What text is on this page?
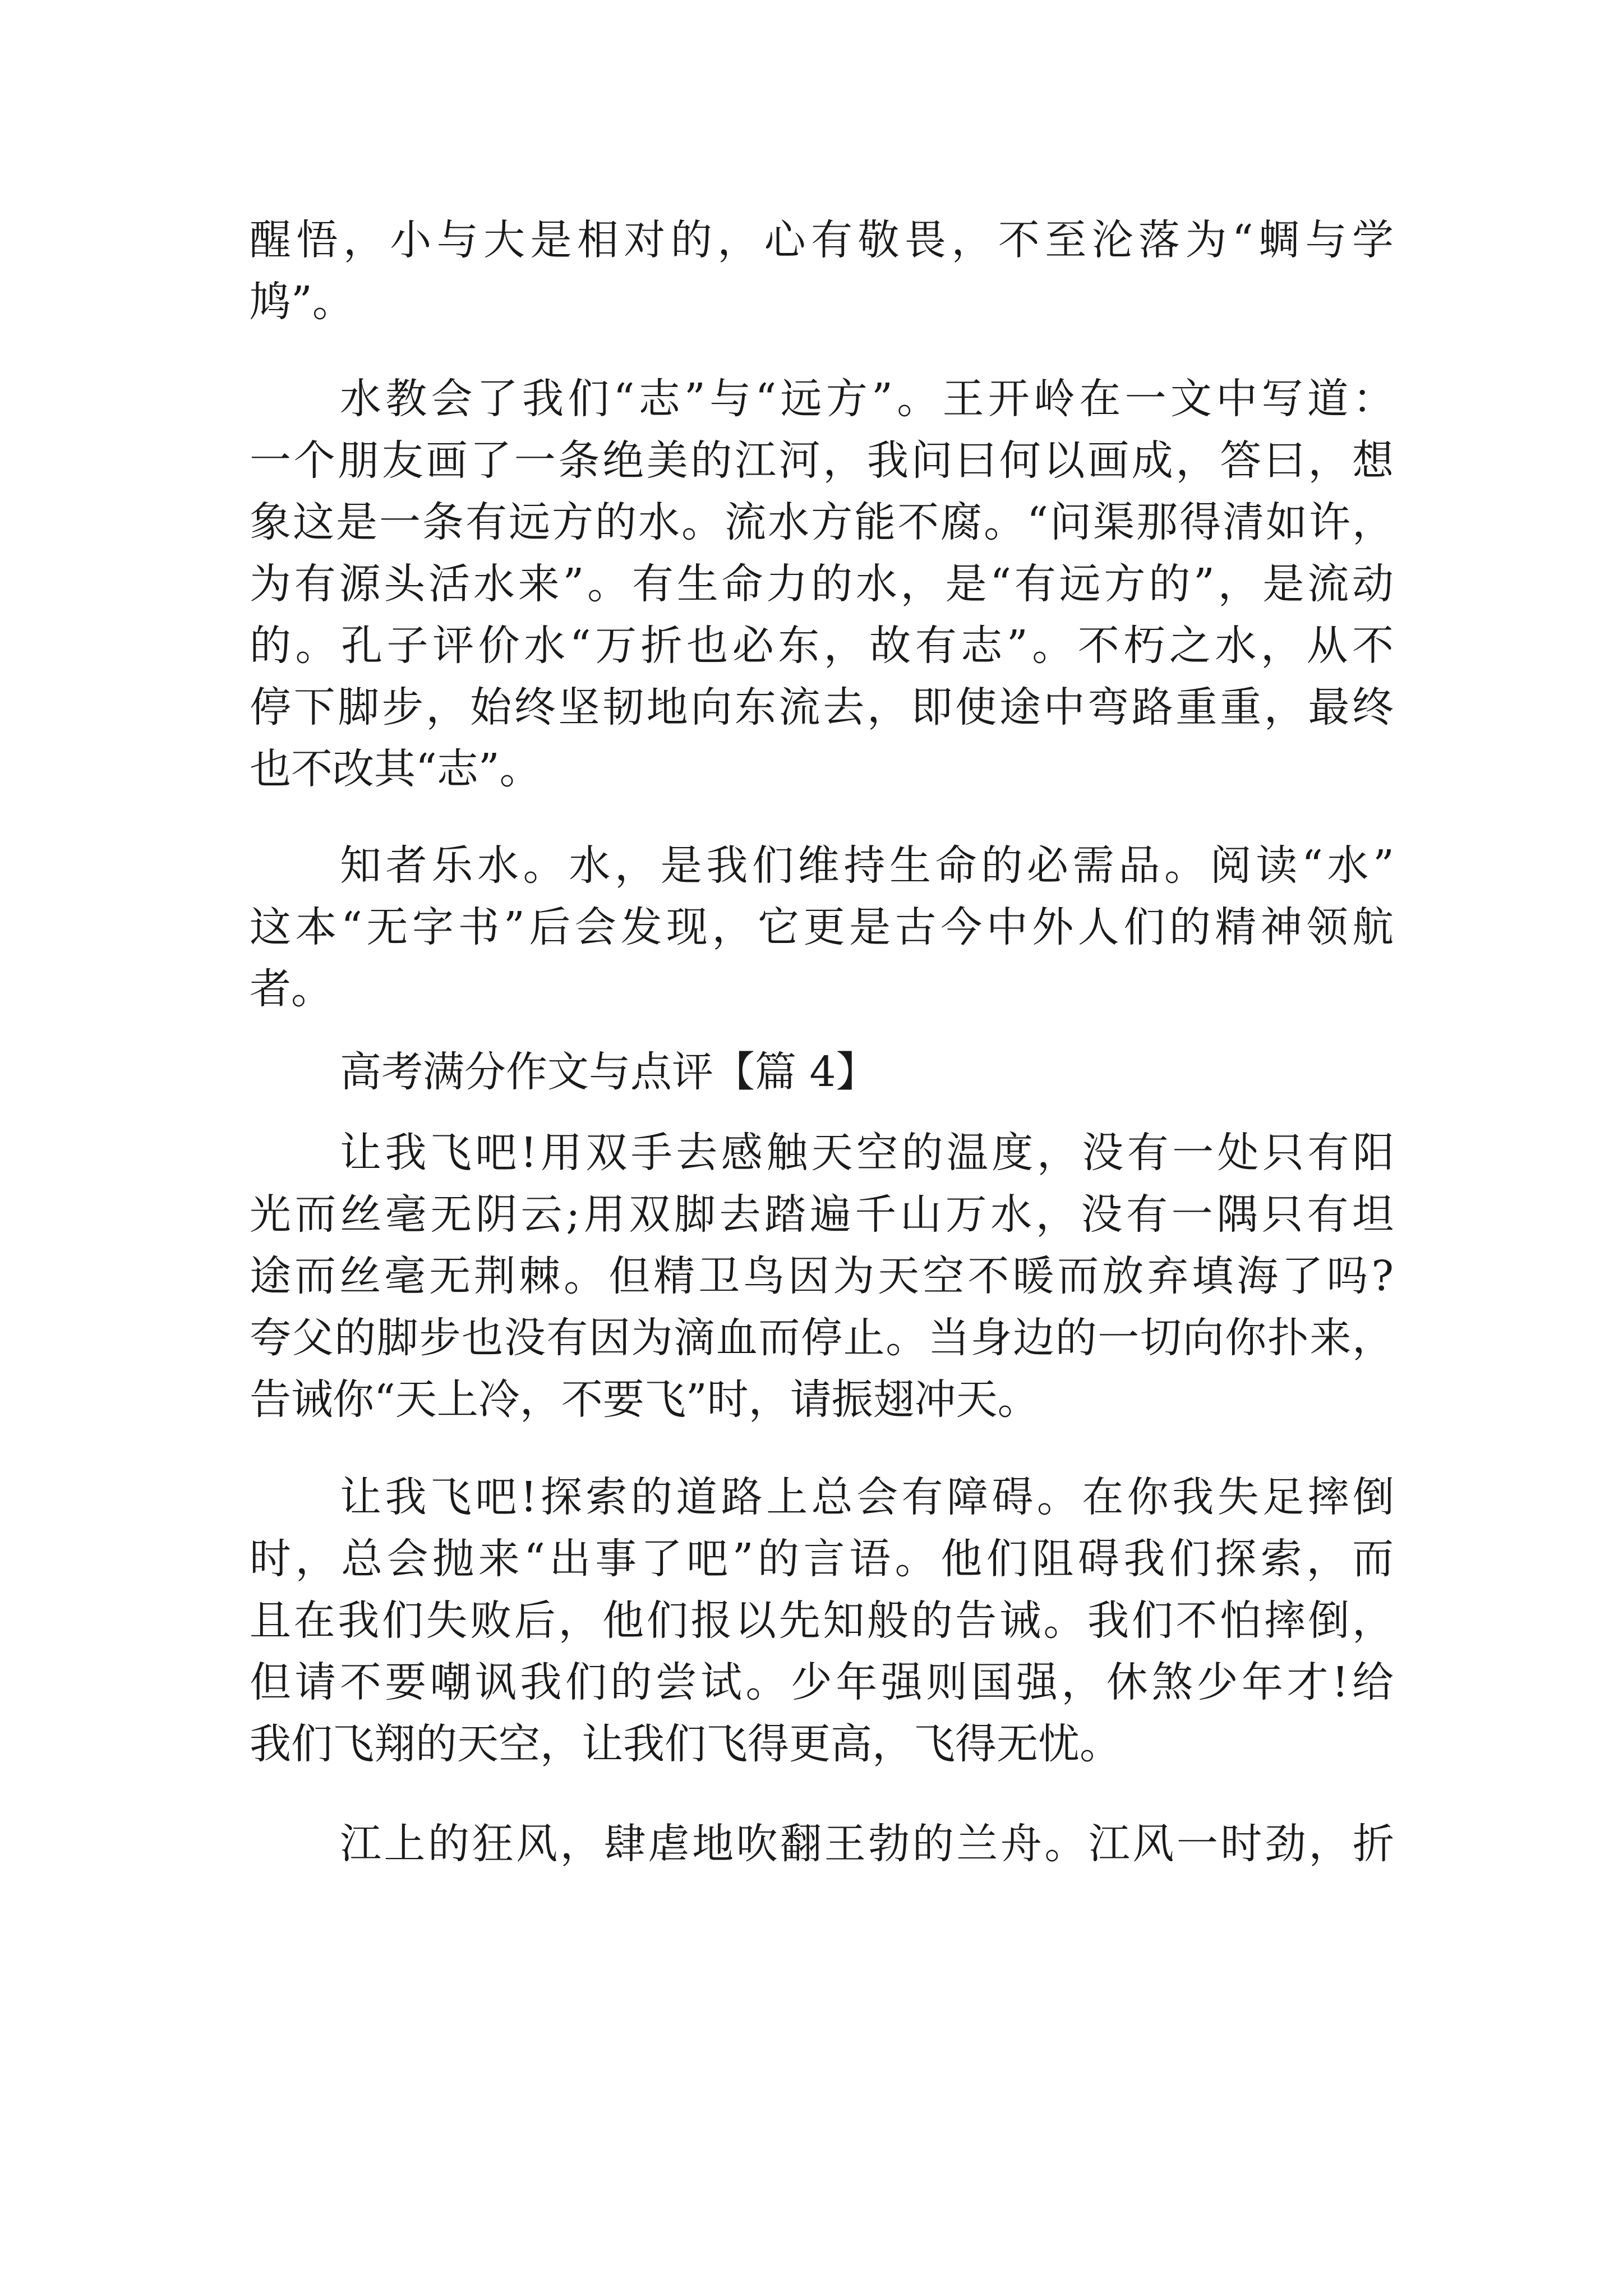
醒悟，小与大是相对的，心有敬畏，不至沦落为“蜩与学
鸠”。
水教会了我们“志”与“远方”。王开岭在一文中写道：
一个朋友画了一条绝美的江河，我问曰何以画成，答曰，想
象这是一条有远方的水。流水方能不腐。“问渠那得清如许，
为有源头活水来”。有生命力的水，是“有远方的”，是流动
的。孔子评价水“万折也必东，故有志”。不朽之水，从不
停下脚步，始终坚韧地向东流去，即使途中弯路重重，最终
也不改其“志”。
知者乐水。水，是我们维持生命的必需品。阅读“水”
这本“无字书”后会发现，它更是古今中外人们的精神领航
者。
高考满分作文与点评【篇 4】
让我飞吧!用双手去感触天空的温度，没有一处只有阳
光而丝毫无阴云;用双脚去踏遍千山万水，没有一隅只有坦
途而丝毫无荆棘。但精卫鸟因为天空不暖而放弃填海了吗?
夸父的脚步也没有因为滴血而停止。当身边的一切向你扑来，
告诫你“天上冷，不要飞”时，请振翅冲天。
让我飞吧!探索的道路上总会有障碍。在你我失足摔倒
时，总会抛来“出事了吧”的言语。他们阻碍我们探索，而
且在我们失败后，他们报以先知般的告诫。我们不怕摔倒，
但请不要嘲讽我们的尝试。少年强则国强，休煞少年才!给
我们飞翔的天空，让我们飞得更高，飞得无忧。
江上的狂风，肆虐地吹翻王勃的兰舟。江风一时劲，折
